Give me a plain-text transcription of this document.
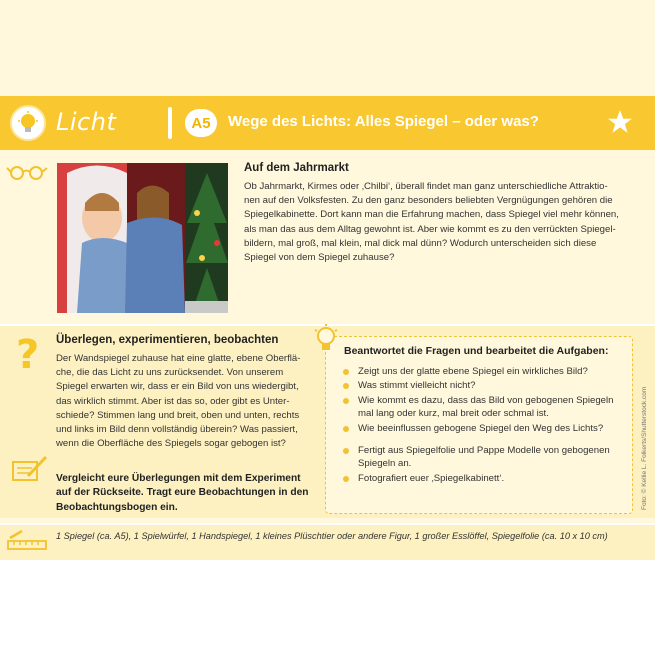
Licht	A5	Wege des Lichts: Alles Spiegel – oder was?
Auf dem Jahrmarkt

Ob Jahrmarkt, Kirmes oder ‚Chilbi‘, überall findet man ganz unterschiedliche Attraktio-
nen auf den Volksfesten. Zu den ganz besonders beliebten Vergnügungen gehören die
Spiegelkabinette. Dort kann man die Erfahrung machen, dass Spiegel viel mehr können,
als man das aus dem Alltag gewohnt ist. Aber wie kommt es zu den verrückten Spiegel-
bildern, mal groß, mal klein, mal dick mal dünn? Wodurch unterscheiden sich diese
Spiegel von dem Spiegel zuhause?

? Überlegen, experimentieren, beobachten

Der Wandspiegel zuhause hat eine glatte, ebene Oberflä-
che, die das Licht zu uns zurücksendet. Von unserem
Spiegel erwarten wir, dass er ein Bild von uns wiedergibt,
das wirklich stimmt. Aber ist das so, oder gibt es Unter-
schiede? Stimmen lang und breit, oben und unten, rechts
und links im Bild denn vollständig überein? Was passiert,
wenn die Oberfläche des Spiegels sogar gebogen ist?

Vergleicht eure Überlegungen mit dem Experiment
auf der Rückseite. Tragt eure Beobachtungen in den
Beobachtungsbogen ein.

Beantwortet die Fragen und bearbeitet die Aufgaben:
Zeigt uns der glatte ebene Spiegel ein wirkliches Bild?
Was stimmt vielleicht nicht?
Wie kommt es dazu, dass das Bild von gebogenen Spiegeln
mal lang oder kurz, mal breit oder schmal ist.
Wie beeinflussen gebogene Spiegel den Weg des Lichts?
Fertigt aus Spiegelfolie und Pappe Modelle von gebogenen
Spiegeln an.
Fotografiert euer ‚Spiegelkabinett‘.	Foto: © Kellie L. Folkerts/Shutterstock.com
1 Spiegel (ca. A5), 1 Spielwürfel, 1 Handspiegel, 1 kleines Plüschtier oder andere Figur, 1 großer Esslöffel, Spiegelfolie (ca. 10 x 10 cm)
